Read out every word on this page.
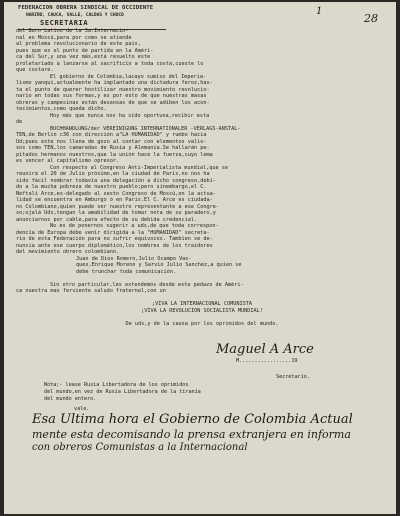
1
28
FEDERACION OBRERA SINDICAL DE OCCIDENTE
NARIÑO, CAUCA, VALLE, CALDAS Y CHOCO
SECRETARIA
del Buro Latino de la 3a.Internacio-
nal en Moscú,para por como se atiende
al problema revolucionario de este país,
pues que es el punto de partida en la Améri-
ca del Sur,y una vez más,está resuelto este
proletariado a lanzarse al sacrificio a toda costa,cueste lo
que costare.
El gobierno de Colombia,lacayo sumiso del Imperia-
lismo yanqui,actualmente ha implantado una dictadura feroz,has-
ta el punto de querer hostilizar nuestro movimiento revolucio-
nario en todas sus formas,y es por esto de que nuestras masas
obreras y campesinas están deseosas de que se adiben los acon-
tecimientos,como queda dicho.
Hoy más que nunca nos ha sido oportuna,recibir esta
de
BUCHHANDLUNG/der VEREINIGUNG INTERNATIONALER -VERLAGS-ANSTAL-
TEN,de Berlín c36 con dirección a"LA HUMANIDAD" y rumbo hacia
Ud;pues este nos llena de gozo al contar con elementos valio-
sos como TEN,los camaradas de Rusia y Alemania.Se hallarán pe-
pitados hermanos nuestros,que la unión hace la fuerza,cuyo lema
es vencer al capitalismo opresor.
Con respecto al Congreso Anti-Imperialista mundial,que se
reunirá el 20 de Julio próximo,en la ciudad de París,no nos ha
sido fácil nombrar todavía una delegación a dicho congreso,debi-
do a la mucha pobreza de nuestro pueblo;pero sinembargo,el C.
Neftalí Arce,ex-delegado al sexto Congreso de Moscú,en la actua-
lidad se encuentra en Amburgo ó en París.El C. Arce es ciudada-
no Colombiano,quien puede ser nuestro representante a ese Congre-
so;ojalá Uds,tengan la amabilidad de tomar nota de su paradero,y
anunciarnos por cable,para efecto de su debida credencial.
No es de ponernos sugerir a uds,de que toda correspon-
dencia de Europa debe venir dirigida a la "HUMANIDAD" secreta-
rio de esta Federación para no sufrir equívocos. Tambien se de-
nuncia ante ese cuerpo diplomático,los nombres de los traidores
del movimiento obrero colombiano.
Juan de Dios Romero,Julio Ocampo Vas-
ques,Enrique Moreno y Sarvio Julio Sanchez,a quien se
debe trunchar toda comunicación.
Sin otro particular,les extendemos desde este pedazo de Améri-
ca nuestra mas ferviente saludo fraternal,con un
¡VIVA LA INTERNACIONAL COMUNISTA
¡VIVA LA REVOLUCION SOCIALISTA MUNDIAL!
De uds,y de la causa por los oprimidos del mundo.
Maguel A Arce
M.................19
Secretario.
Nota;- lease Rusia Libertadora de los oprimidos
del mundo,en vez de Rusia Libertadora de la tiranía
del mundo entero.
vale.
Esa Ultima hora el Gobierno de Colombia Actual
mente esta decomisando la prensa extranjera en informa
con obreros Comunistas a la Internacional
